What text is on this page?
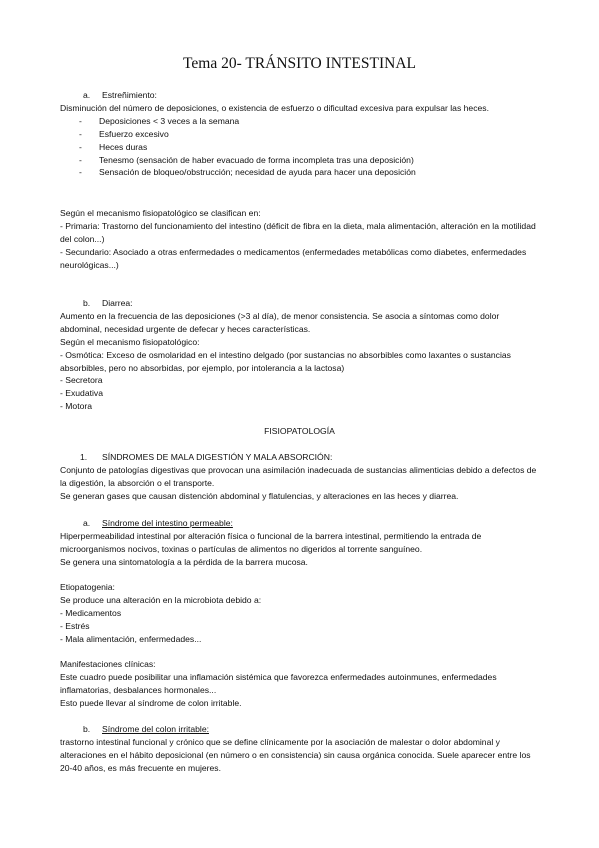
Tema 20- TRÁNSITO INTESTINAL
a.	Estreñimiento:

Disminución del número de deposiciones, o existencia de esfuerzo o dificultad excesiva para expulsar las heces.

-	Deposiciones < 3 veces a la semana
-	Esfuerzo excesivo
-	Heces duras
-	Tenesmo (sensación de haber evacuado de forma incompleta tras una deposición)
-	Sensación de bloqueo/obstrucción; necesidad de ayuda para hacer una deposición

Según el mecanismo fisiopatológico se clasifican en:

- Primaria: Trastorno del funcionamiento del intestino (déficit de fibra en la dieta, mala alimentación, alteración en la motilidad del colon...)

- Secundario: Asociado a otras enfermedades o medicamentos (enfermedades metabólicas como diabetes, enfermedades neurológicas...)

b.	Diarrea:

Aumento en la frecuencia de las deposiciones (>3 al día), de menor consistencia. Se asocia a síntomas como dolor abdominal, necesidad urgente de defecar y heces características.

Según el mecanismo fisiopatológico:

- Osmótica: Exceso de osmolaridad en el intestino delgado (por sustancias no absorbibles como laxantes o sustancias absorbibles, pero no absorbidas, por ejemplo, por intolerancia a la lactosa)

- Secretora

- Exudativa

- Motora

FISIOPATOLOGÍA
1.	SÍNDROMES DE MALA DIGESTIÓN Y MALA ABSORCIÓN:

Conjunto de patologías digestivas que provocan una asimilación inadecuada de sustancias alimenticias debido a defectos de la digestión, la absorción o el transporte.

Se generan gases que causan distención abdominal y flatulencias, y alteraciones en las heces y diarrea.

a.	Síndrome del intestino permeable:

Hiperpermeabilidad intestinal por alteración física o funcional de la barrera intestinal, permitiendo la entrada de microorganismos nocivos, toxinas o partículas de alimentos no digeridos al torrente sanguíneo.

Se genera una sintomatología a la pérdida de la barrera mucosa.

Etiopatogenia:

Se produce una alteración en la microbiota debido a:

- Medicamentos

- Estrés

- Mala alimentación, enfermedades...

Manifestaciones clínicas:

Este cuadro puede posibilitar una inflamación sistémica que favorezca enfermedades autoinmunes, enfermedades inflamatorias, desbalances hormonales...

Esto puede llevar al síndrome de colon irritable.

b.	Síndrome del colon irritable:

trastorno intestinal funcional y crónico que se define clínicamente por la asociación de malestar o dolor abdominal y alteraciones en el hábito deposicional (en número o en consistencia) sin causa orgánica conocida. Suele aparecer entre los 20-40 años, es más frecuente en mujeres.
